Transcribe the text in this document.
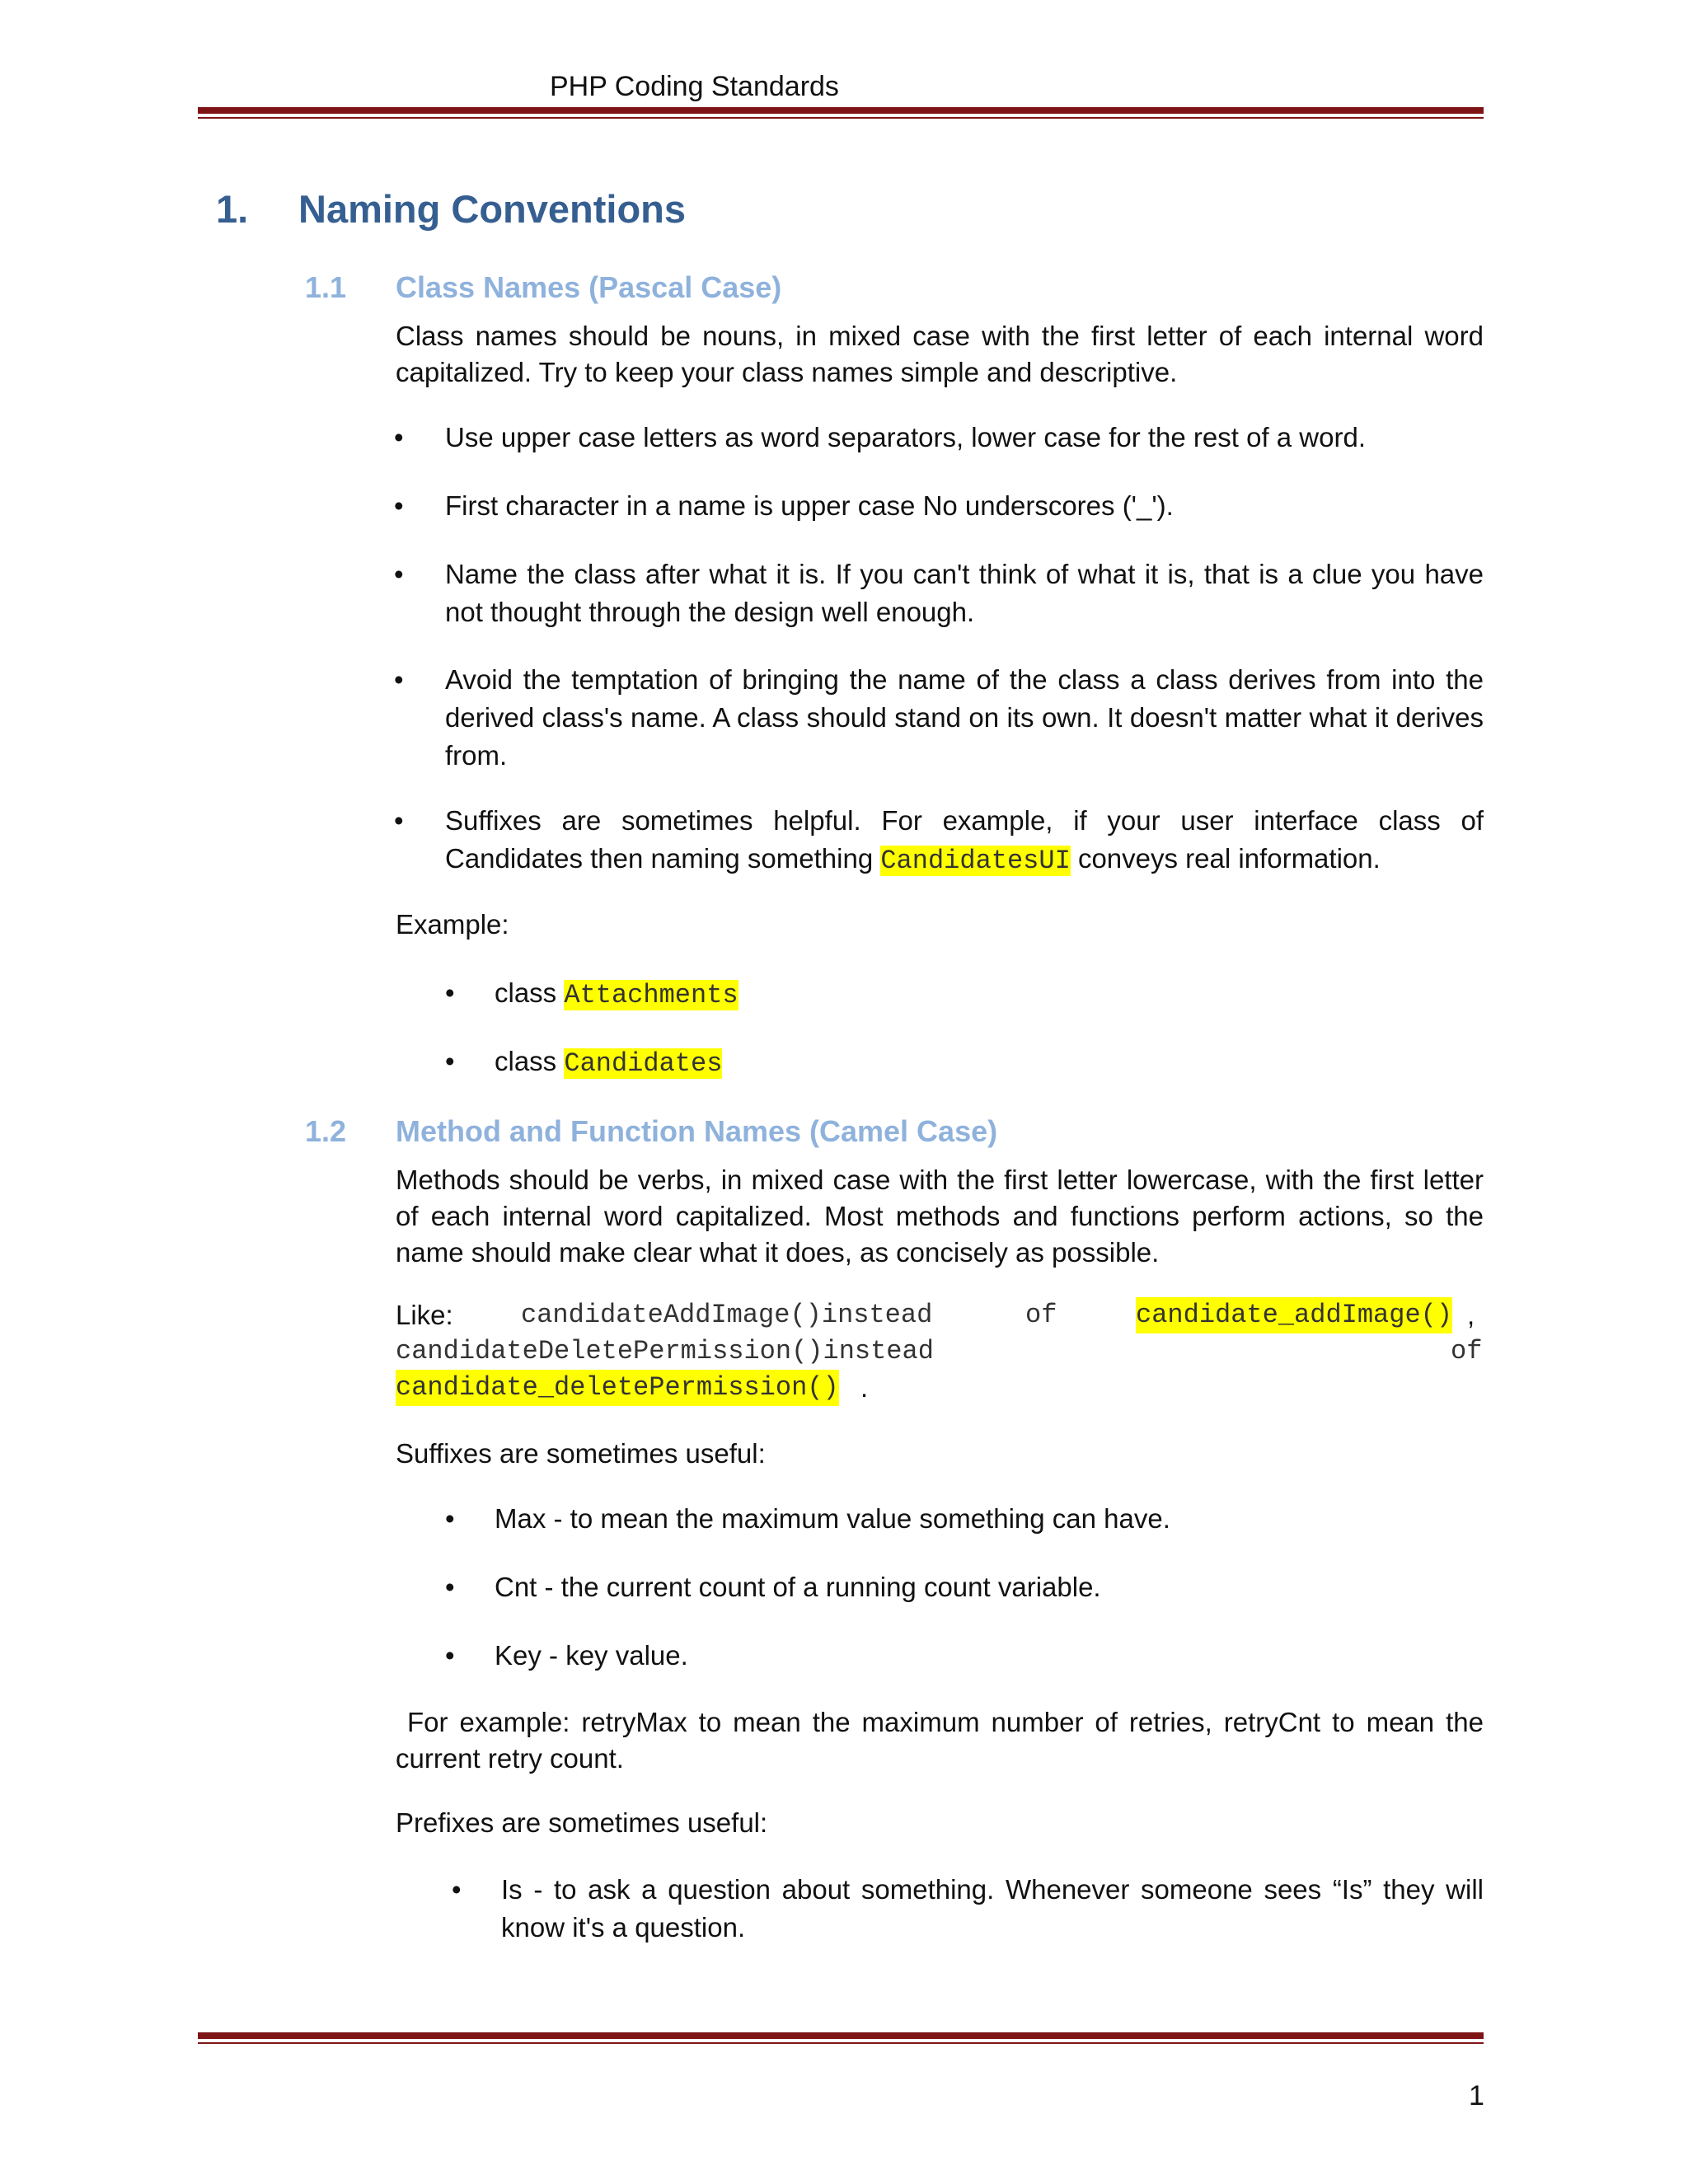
PHP Coding Standards
1. Naming Conventions
1.1 Class Names (Pascal Case)
Class names should be nouns, in mixed case with the first letter of each internal word capitalized. Try to keep your class names simple and descriptive.
• Use upper case letters as word separators, lower case for the rest of a word.
• First character in a name is upper case No underscores ('_').
• Name the class after what it is. If you can't think of what it is, that is a clue you have not thought through the design well enough.
• Avoid the temptation of bringing the name of the class a class derives from into the derived class's name. A class should stand on its own. It doesn't matter what it derives from.
• Suffixes are sometimes helpful. For example, if your user interface class of Candidates then naming something CandidatesUI conveys real information.
Example:
• class Attachments
• class Candidates
1.2 Method and Function Names (Camel Case)
Methods should be verbs, in mixed case with the first letter lowercase, with the first letter of each internal word capitalized. Most methods and functions perform actions, so the name should make clear what it does, as concisely as possible.
Like:	candidateAddImage()instead	of	candidate_addImage() ,
candidateDeletePermission()instead	of
candidate_deletePermission() .
Suffixes are sometimes useful:
• Max - to mean the maximum value something can have.
• Cnt - the current count of a running count variable.
• Key - key value.
For example: retryMax to mean the maximum number of retries, retryCnt to mean the current retry count.
Prefixes are sometimes useful:
• Is - to ask a question about something. Whenever someone sees “Is” they will know it's a question.
1
